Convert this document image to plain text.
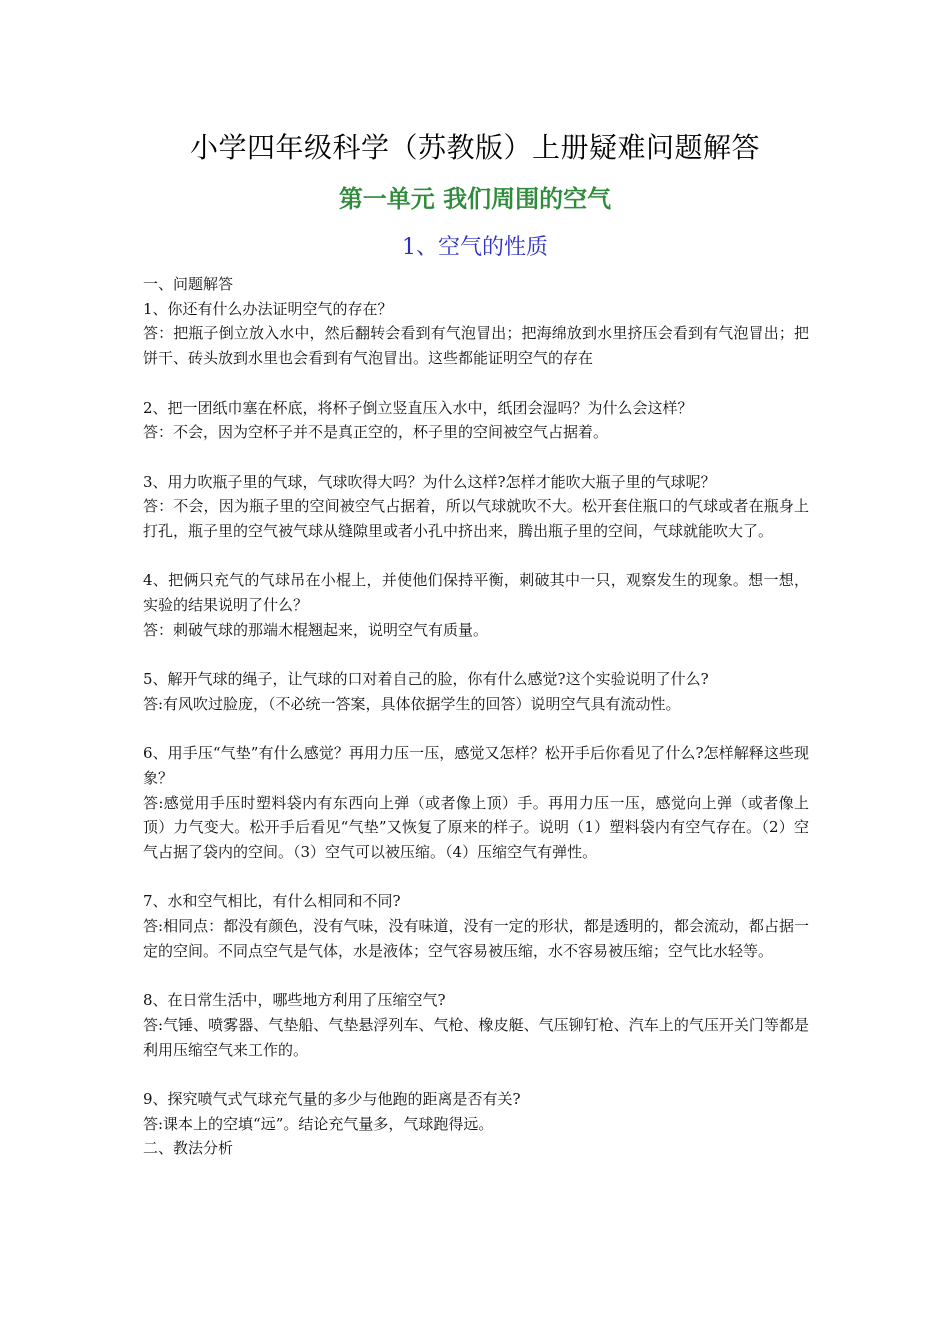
小学四年级科学（苏教版）上册疑难问题解答
第一单元 我们周围的空气
1、空气的性质

一、问题解答

1、你还有什么办法证明空气的存在？

答：把瓶子倒立放入水中，然后翻转会看到有气泡冒出；把海绵放到水里挤压会看到有气泡冒出；把饼干、砖头放到水里也会看到有气泡冒出。这些都能证明空气的存在

2、把一团纸巾塞在杯底，将杯子倒立竖直压入水中，纸团会湿吗？为什么会这样？

答：不会，因为空杯子并不是真正空的，杯子里的空间被空气占据着。

3、用力吹瓶子里的气球，气球吹得大吗？为什么这样?怎样才能吹大瓶子里的气球呢？

答：不会，因为瓶子里的空间被空气占据着，所以气球就吹不大。松开套住瓶口的气球或者在瓶身上打孔，瓶子里的空气被气球从缝隙里或者小孔中挤出来，腾出瓶子里的空间，气球就能吹大了。

4、把俩只充气的气球吊在小棍上，并使他们保持平衡，刺破其中一只，观察发生的现象。想一想，实验的结果说明了什么？

答：刺破气球的那端木棍翘起来，说明空气有质量。

5、解开气球的绳子，让气球的口对着自己的脸，你有什么感觉?这个实验说明了什么?

答:有风吹过脸庞，（不必统一答案，具体依据学生的回答）说明空气具有流动性。

6、用手压“气垫”有什么感觉？再用力压一压，感觉又怎样？松开手后你看见了什么?怎样解释这些现象？

答:感觉用手压时塑料袋内有东西向上弹（或者像上顶）手。再用力压一压，感觉向上弹（或者像上顶）力气变大。松开手后看见“气垫”又恢复了原来的样子。说明（1）塑料袋内有空气存在。（2）空气占据了袋内的空间。（3）空气可以被压缩。（4）压缩空气有弹性。

7、水和空气相比，有什么相同和不同?

答:相同点：都没有颜色，没有气味，没有味道，没有一定的形状，都是透明的，都会流动，都占据一定的空间。不同点空气是气体，水是液体；空气容易被压缩，水不容易被压缩；空气比水轻等。

8、在日常生活中，哪些地方利用了压缩空气?

答:气锤、喷雾器、气垫船、气垫悬浮列车、气枪、橡皮艇、气压铆钉枪、汽车上的气压开关门等都是利用压缩空气来工作的。

9、探究喷气式气球充气量的多少与他跑的距离是否有关?

答:课本上的空填“远”。结论充气量多，气球跑得远。

二、教法分析
